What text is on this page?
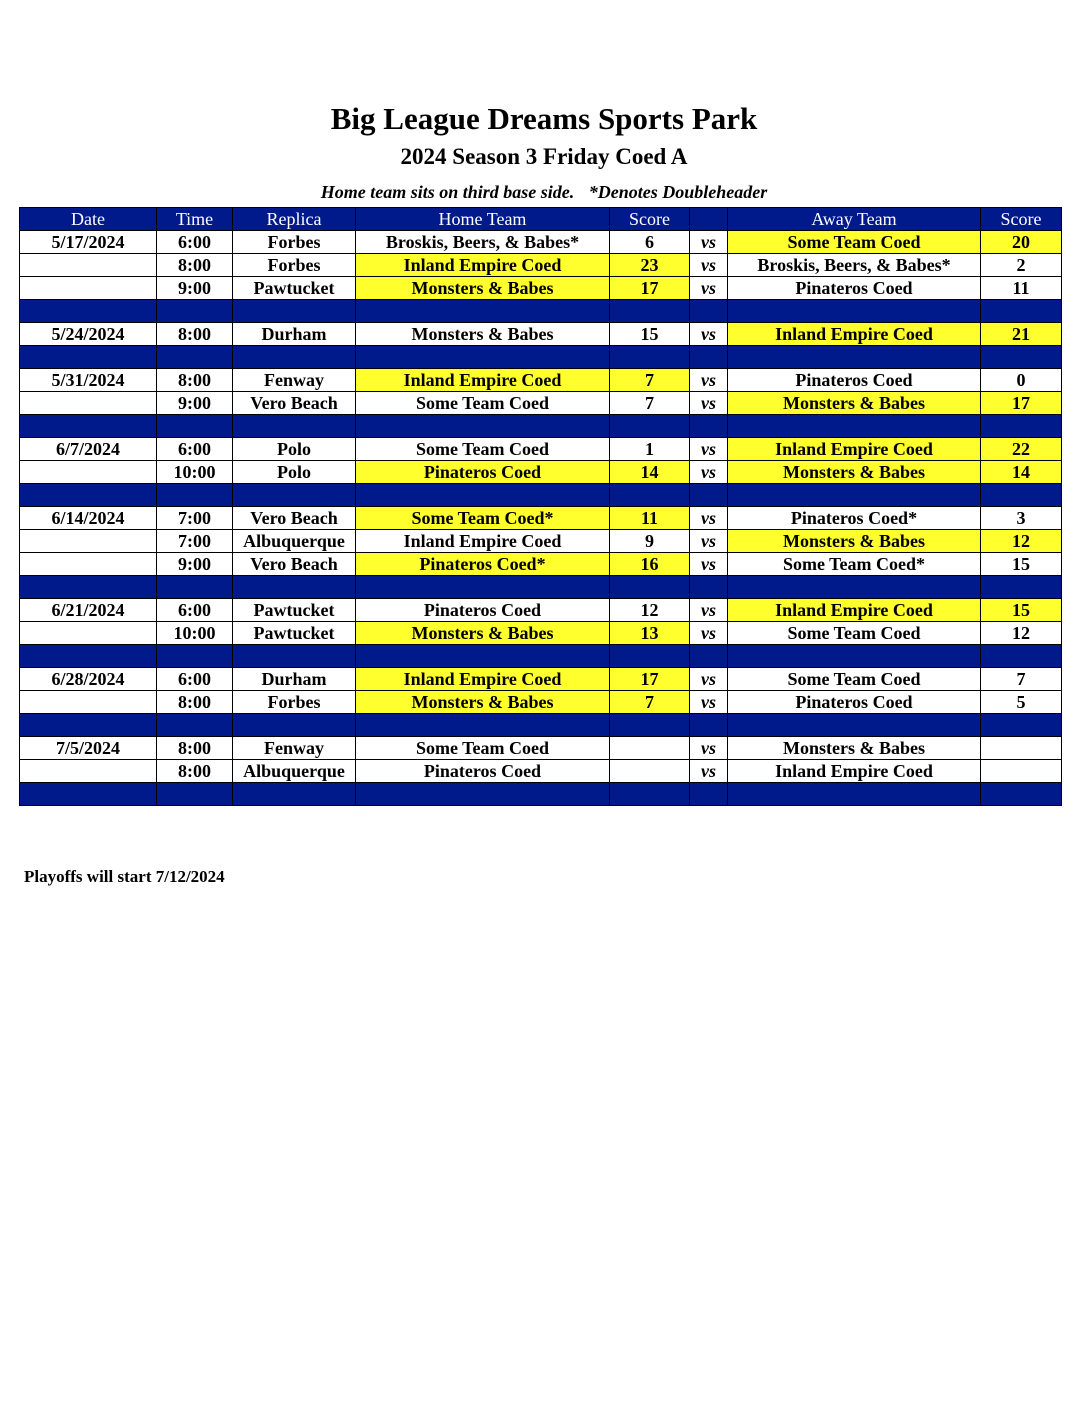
Big League Dreams Sports Park
2024 Season 3 Friday Coed A
Home team sits on third base side. *Denotes Doubleheader
Date	Time	Replica	Home Team	Score		Away Team	Score
5/17/2024	6:00	Forbes	Broskis, Beers, & Babes*	6	vs	Some Team Coed	20
	8:00	Forbes	Inland Empire Coed	23	vs	Broskis, Beers, & Babes*	2
	9:00	Pawtucket	Monsters & Babes	17	vs	Pinateros Coed	11

5/24/2024	8:00	Durham	Monsters & Babes	15	vs	Inland Empire Coed	21

5/31/2024	8:00	Fenway	Inland Empire Coed	7	vs	Pinateros Coed	0
	9:00	Vero Beach	Some Team Coed	7	vs	Monsters & Babes	17

6/7/2024	6:00	Polo	Some Team Coed	1	vs	Inland Empire Coed	22
	10:00	Polo	Pinateros Coed	14	vs	Monsters & Babes	14

6/14/2024	7:00	Vero Beach	Some Team Coed*	11	vs	Pinateros Coed*	3
	7:00	Albuquerque	Inland Empire Coed	9	vs	Monsters & Babes	12
	9:00	Vero Beach	Pinateros Coed*	16	vs	Some Team Coed*	15

6/21/2024	6:00	Pawtucket	Pinateros Coed	12	vs	Inland Empire Coed	15
	10:00	Pawtucket	Monsters & Babes	13	vs	Some Team Coed	12

6/28/2024	6:00	Durham	Inland Empire Coed	17	vs	Some Team Coed	7
	8:00	Forbes	Monsters & Babes	7	vs	Pinateros Coed	5

7/5/2024	8:00	Fenway	Some Team Coed		vs	Monsters & Babes	
	8:00	Albuquerque	Pinateros Coed		vs	Inland Empire Coed	

Playoffs will start 7/12/2024
